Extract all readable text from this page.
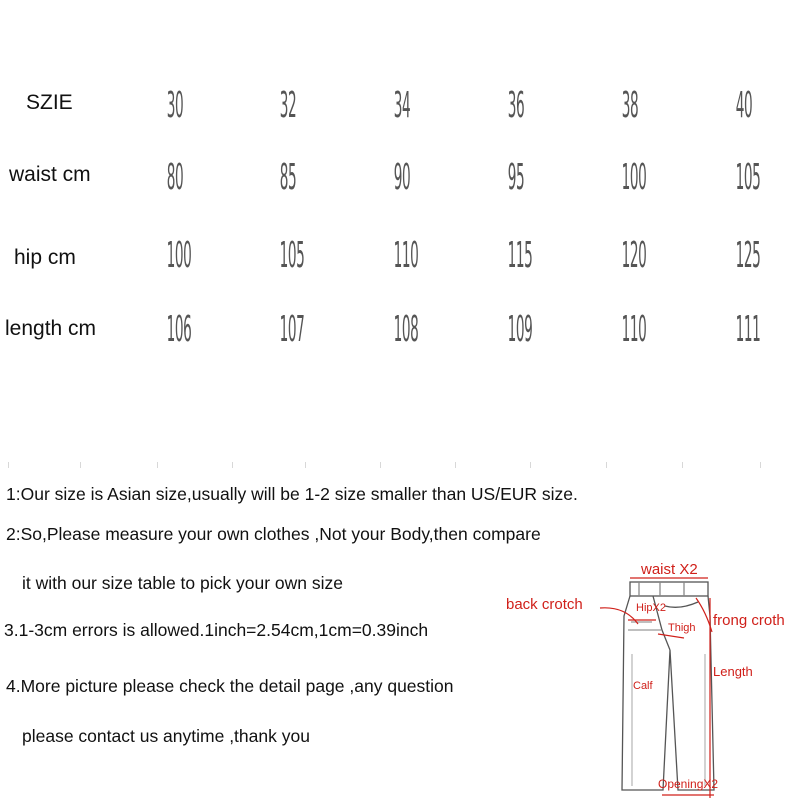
SZIE	30	32	34	36	38	40
waist cm 80	85	90	95	100 105
hip cm	100 105 110 115 120 125
length cm 106 107 108 109 110 111
1:Our size is Asian size,usually will be 1-2 size smaller than US/EUR size.
2:So,Please measure your own clothes ,Not your Body,then compare
it with our size table to pick your own size
3.1-3cm errors is allowed.1inch=2.54cm,1cm=0.39inch
4.More picture please check the detail page ,any question
please contact us anytime ,thank you
waist X2
back crotch	HipX2
Thigh frong croth
Length
Calf
OpeningX2
